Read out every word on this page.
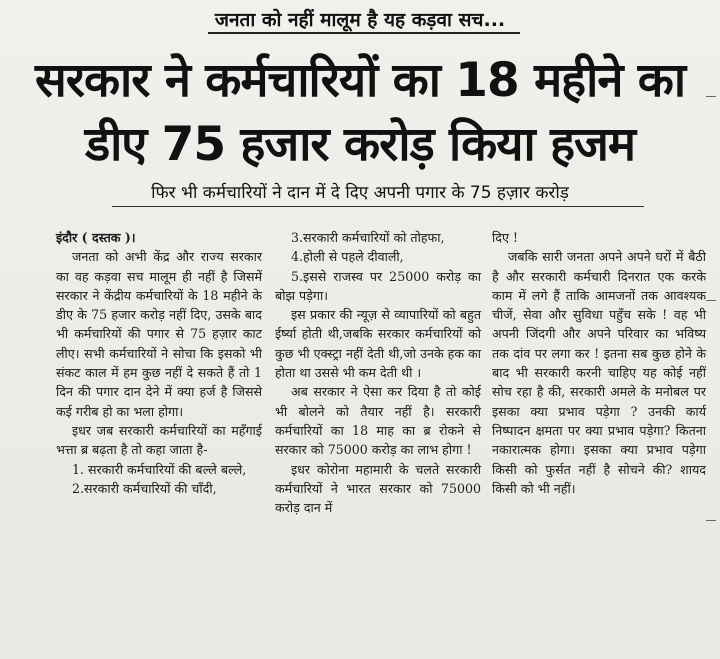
जनता को नहीं मालूम है यह कड़वा सच...
सरकार ने कर्मचारियों का 18 महीने का
डीए 75 हजार करोड़ किया हजम
फिर भी कर्मचारियों ने दान में दे दिए अपनी पगार के 75 हज़ार करोड़

इंदौर ( दस्तक )।

जनता को अभी केंद्र और राज्य सरकार का वह कड़वा सच मालूम ही नहीं है जिसमें सरकार ने केंद्रीय कर्मचारियों के 18 महीने के डीए के 75 हजार करोड़ नहीं दिए, उसके बाद भी कर्मचारियों की पगार से 75 हज़ार काट लीए। सभी कर्मचारियों ने सोचा कि इसको भी संकट काल में हम कुछ नहीं दे सकते हैं तो 1 दिन की पगार दान देने में क्या हर्ज है जिससे कई गरीब हो का भला होगा।

इधर जब सरकारी कर्मचारियों का महँगाई भत्ता ब्र बढ़ता है तो कहा जाता है-

1. सरकारी कर्मचारियों की बल्ले बल्ले,

2.सरकारी कर्मचारियों की चाँदी,

3.सरकारी कर्मचारियों को तोहफा,

4.होली से पहले दीवाली,

5.इससे राजस्व पर 25000 करोड़ का बोझ पड़ेगा।

इस प्रकार की न्यूज़ से व्यापारियों को बहुत ईर्ष्या होती थी,जबकि सरकार कर्मचारियों को कुछ भी एक्स्ट्रा नहीं देती थी,जो उनके हक का होता था उससे भी कम देती थी ।

अब सरकार ने ऐसा कर दिया है तो कोई भी बोलने को तैयार नहीं है। सरकारी कर्मचारियों का 18 माह का ब्र रोकने से सरकार को 75000 करोड़ का लाभ होगा !

इधर कोरोना महामारी के चलते सरकारी कर्मचारियों ने भारत सरकार को 75000 करोड़ दान में

दिए !

जबकि सारी जनता अपने अपने घरों में बैठी है और सरकारी कर्मचारी दिनरात एक करके काम में लगे हैं ताकि आमजनों तक आवश्यक चीजें, सेवा और सुविधा पहुँच सके ! वह भी अपनी जिंदगी और अपने परिवार का भविष्य तक दांव पर लगा कर ! इतना सब कुछ होने के बाद भी सरकारी करनी चाहिए यह कोई नहीं सोच रहा है की, सरकारी अमले के मनोबल पर इसका क्या प्रभाव पड़ेगा ? उनकी कार्य निष्पादन क्षमता पर क्या प्रभाव पड़ेगा? कितना नकारात्मक होगा। इसका क्या प्रभाव पड़ेगा किसी को फुर्सत नहीं है सोचने की? शायद किसी को भी नहीं।
